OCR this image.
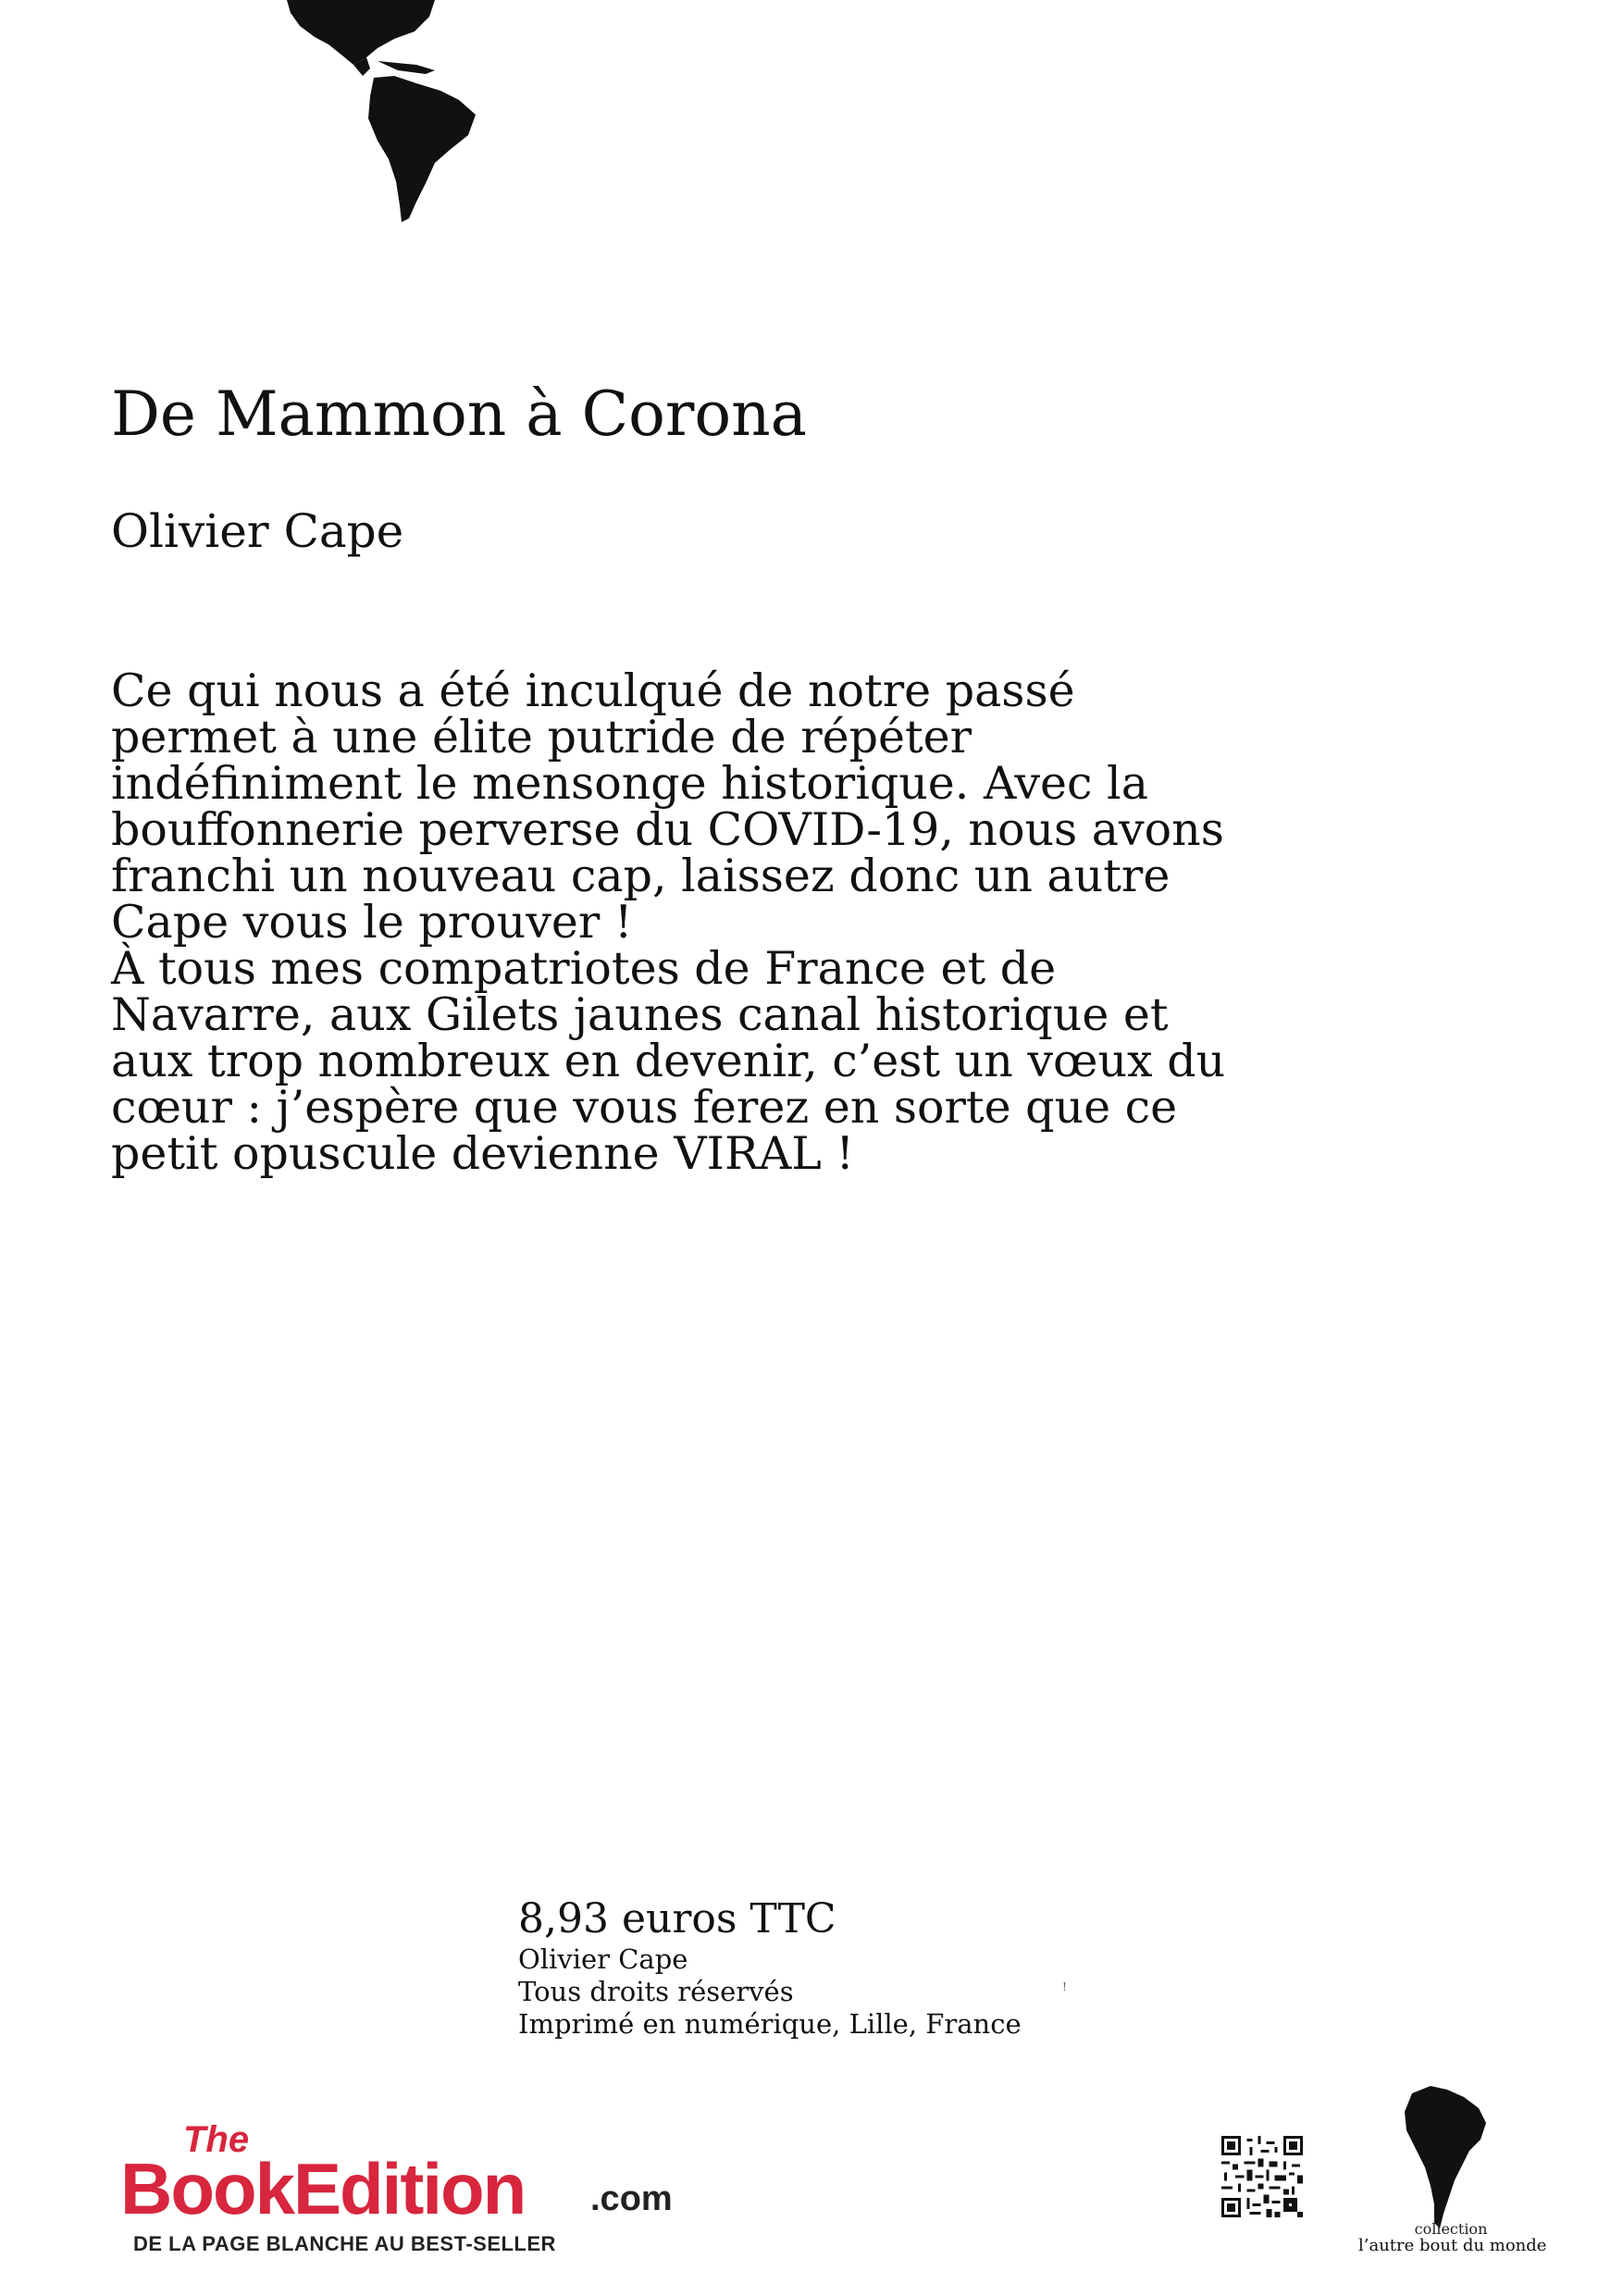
De Mammon à Corona
Olivier Cape

Ce qui nous a été inculqué de notre passé permet à une élite putride de répéter indéfiniment le mensonge historique. Avec la bouffonnerie perverse du COVID-19, nous avons franchi un nouveau cap, laissez donc un autre Cape vous le prouver !

À tous mes compatriotes de France et de Navarre, aux Gilets jaunes canal historique et aux trop nombreux en devenir, c’est un vœux du cœur : j’espère que vous ferez en sorte que ce petit opuscule devienne VIRAL !

8,93 euros TTC
Olivier Cape
Tous droits réservés
Imprimé en numérique, Lille, France
!
The
BookEdition .com
DE LA PAGE BLANCHE AU BEST-SELLER
collection
l’autre bout du monde
